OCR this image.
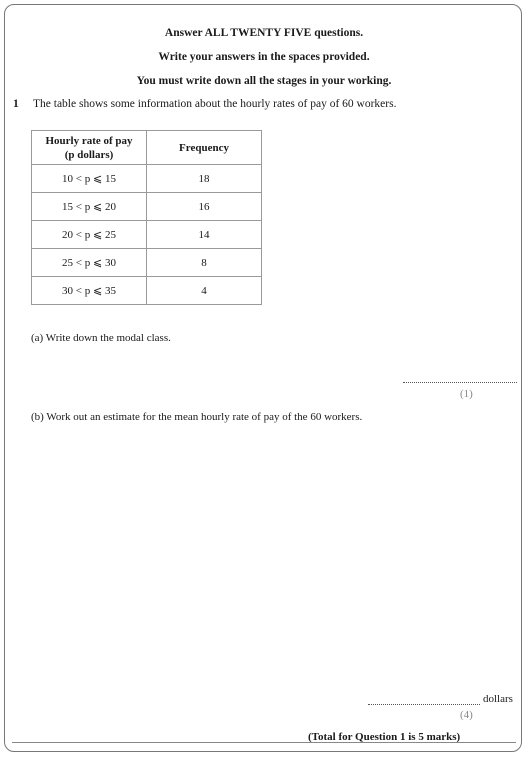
Answer ALL TWENTY FIVE questions.
Write your answers in the spaces provided.
You must write down all the stages in your working.
1 The table shows some information about the hourly rates of pay of 60 workers.
Hourly rate of pay
(p dollars)	Frequency
10 < p ⩽ 15	18
15 < p ⩽ 20	16
20 < p ⩽ 25	14
25 < p ⩽ 30	8
30 < p ⩽ 35	4
(a) Write down the modal class.
(1)
(b) Work out an estimate for the mean hourly rate of pay of the 60 workers.
dollars
(4)
(Total for Question 1 is 5 marks)
